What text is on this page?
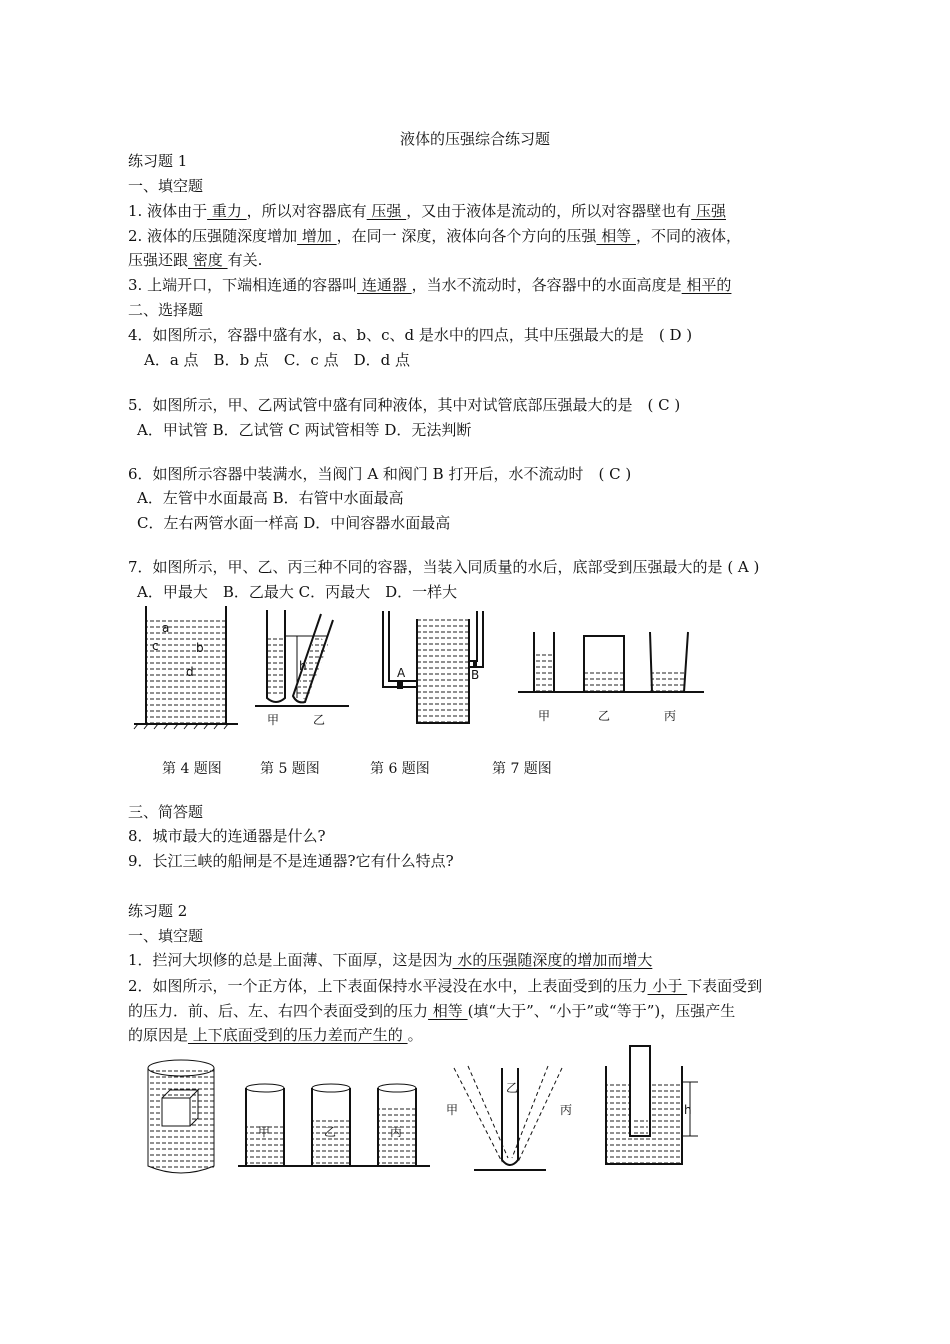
液体的压强综合练习题
练习题 1
一、填空题
1. 液体由于 重力 ，所以对容器底有 压强 ，又由于液体是流动的，所以对容器壁也有 压强
2. 液体的压强随深度增加 增加 ，在同一 深度，液体向各个方向的压强 相等 ，不同的液体，
压强还跟 密度 有关.
3. 上端开口，下端相连通的容器叫 连通器 ，当水不流动时，各容器中的水面高度是 相平的
二、选择题
4．如图所示，容器中盛有水，a、b、c、d 是水中的四点，其中压强最大的是　( D )
A．a 点　B．b 点　C．c 点　D．d 点
5．如图所示，甲、乙两试管中盛有同种液体，其中对试管底部压强最大的是　( C )
A．甲试管 B．乙试管 C 两试管相等 D．无法判断
6．如图所示容器中装满水，当阀门 A 和阀门 B 打开后，水不流动时　( C )
A．左管中水面最高 B．右管中水面最高
C．左右两管水面一样高 D．中间容器水面最高
7．如图所示，甲、乙、丙三种不同的容器，当装入同质量的水后，底部受到压强最大的是 ( A )
A．甲最大　B．乙最大 C．丙最大　D．一样大
a
b
c
d	h
甲	乙
A	B
甲	乙	丙
第 4 题图	第 5 题图	第 6 题图	第 7 题图
三、简答题
8．城市最大的连通器是什么?
9．长江三峡的船闸是不是连通器?它有什么特点?
练习题 2
一、填空题
1．拦河大坝修的总是上面薄、下面厚，这是因为 水的压强随深度的增加而增大
2．如图所示，一个正方体，上下表面保持水平浸没在水中，上表面受到的压力 小于 下表面受到
的压力．前、后、左、右四个表面受到的压力 相等 (填“大于”、“小于”或“等于”)，压强产生
的原因是 上下底面受到的压力差而产生的 。
甲	乙	丙
甲
乙
丙	h
